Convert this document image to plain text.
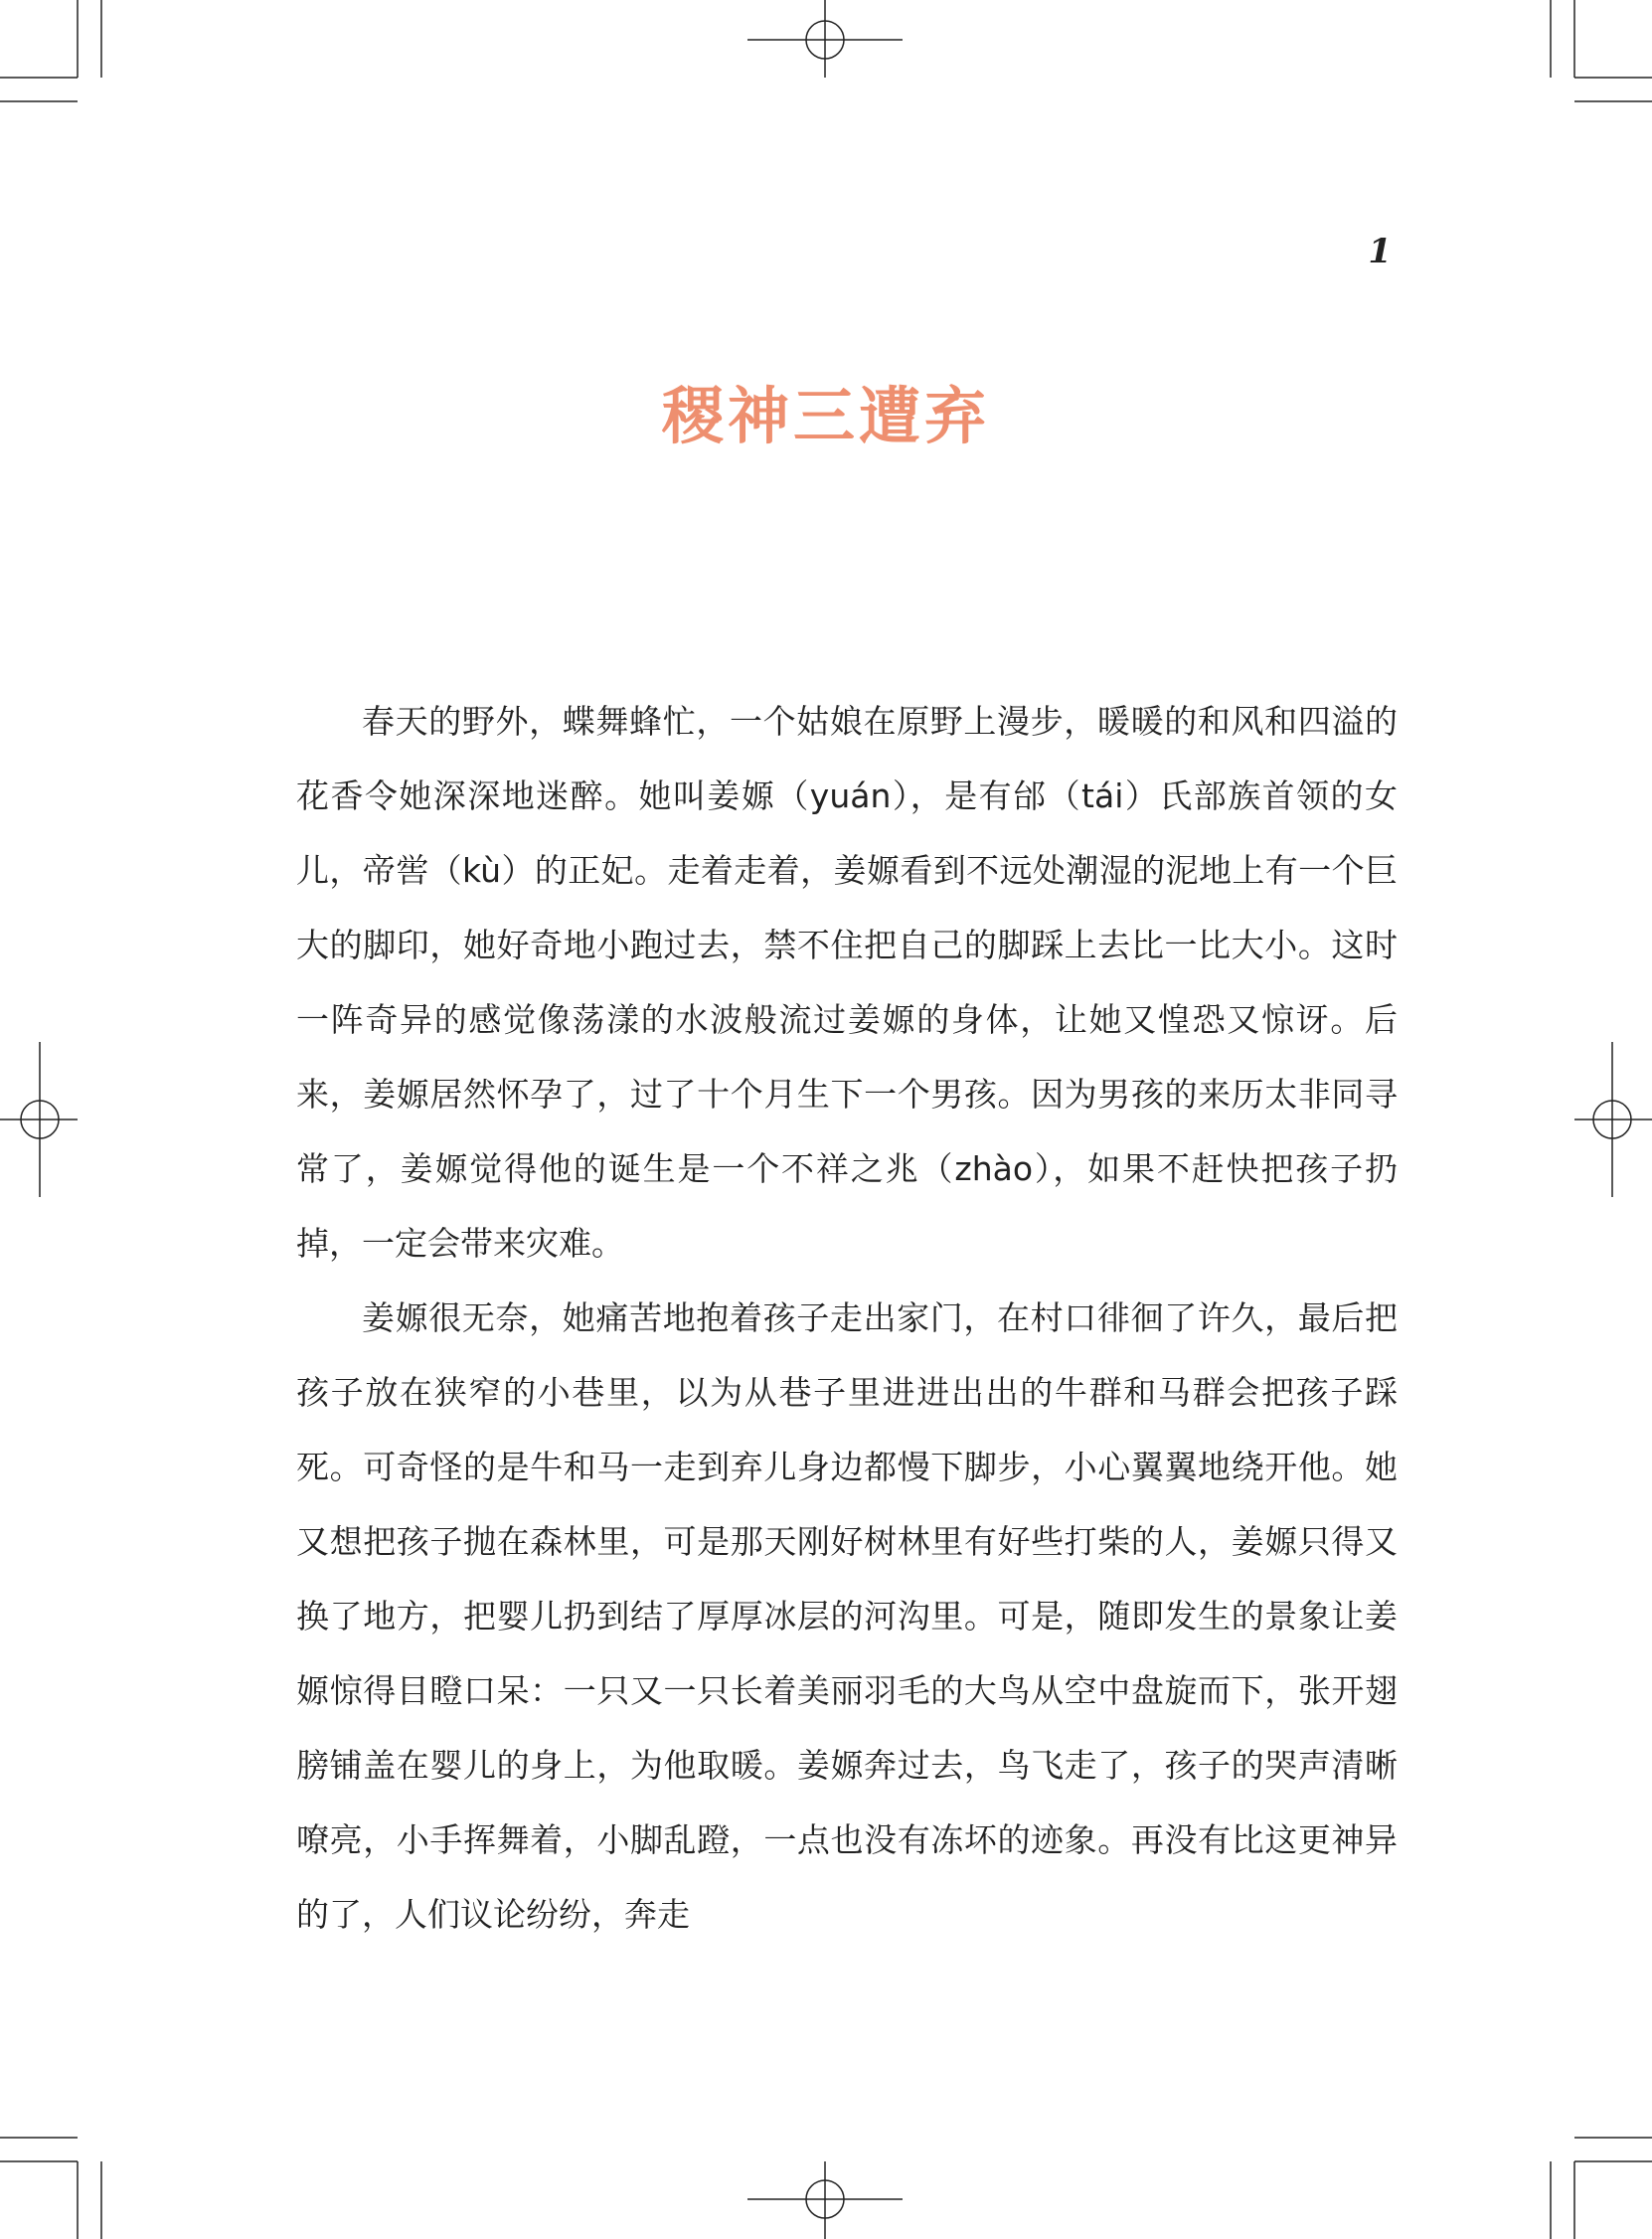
1
稷神三遭弃

春天的野外，蝶舞蜂忙，一个姑娘在原野上漫步，暖暖的和风和四溢的花香令她深深地迷醉。她叫姜嫄（yuán），是有邰（tái）氏部族首领的女儿，帝喾（kù）的正妃。走着走着，姜嫄看到不远处潮湿的泥地上有一个巨大的脚印，她好奇地小跑过去，禁不住把自己的脚踩上去比一比大小。这时一阵奇异的感觉像荡漾的水波般流过姜嫄的身体，让她又惶恐又惊讶。后来，姜嫄居然怀孕了，过了十个月生下一个男孩。因为男孩的来历太非同寻常了，姜嫄觉得他的诞生是一个不祥之兆（zhào），如果不赶快把孩子扔掉，一定会带来灾难。

姜嫄很无奈，她痛苦地抱着孩子走出家门，在村口徘徊了许久，最后把孩子放在狭窄的小巷里，以为从巷子里进进出出的牛群和马群会把孩子踩死。可奇怪的是牛和马一走到弃儿身边都慢下脚步，小心翼翼地绕开他。她又想把孩子抛在森林里，可是那天刚好树林里有好些打柴的人，姜嫄只得又换了地方，把婴儿扔到结了厚厚冰层的河沟里。可是，随即发生的景象让姜嫄惊得目瞪口呆：一只又一只长着美丽羽毛的大鸟从空中盘旋而下，张开翅膀铺盖在婴儿的身上，为他取暖。姜嫄奔过去，鸟飞走了，孩子的哭声清晰嘹亮，小手挥舞着，小脚乱蹬，一点也没有冻坏的迹象。再没有比这更神异的了，人们议论纷纷，奔走
